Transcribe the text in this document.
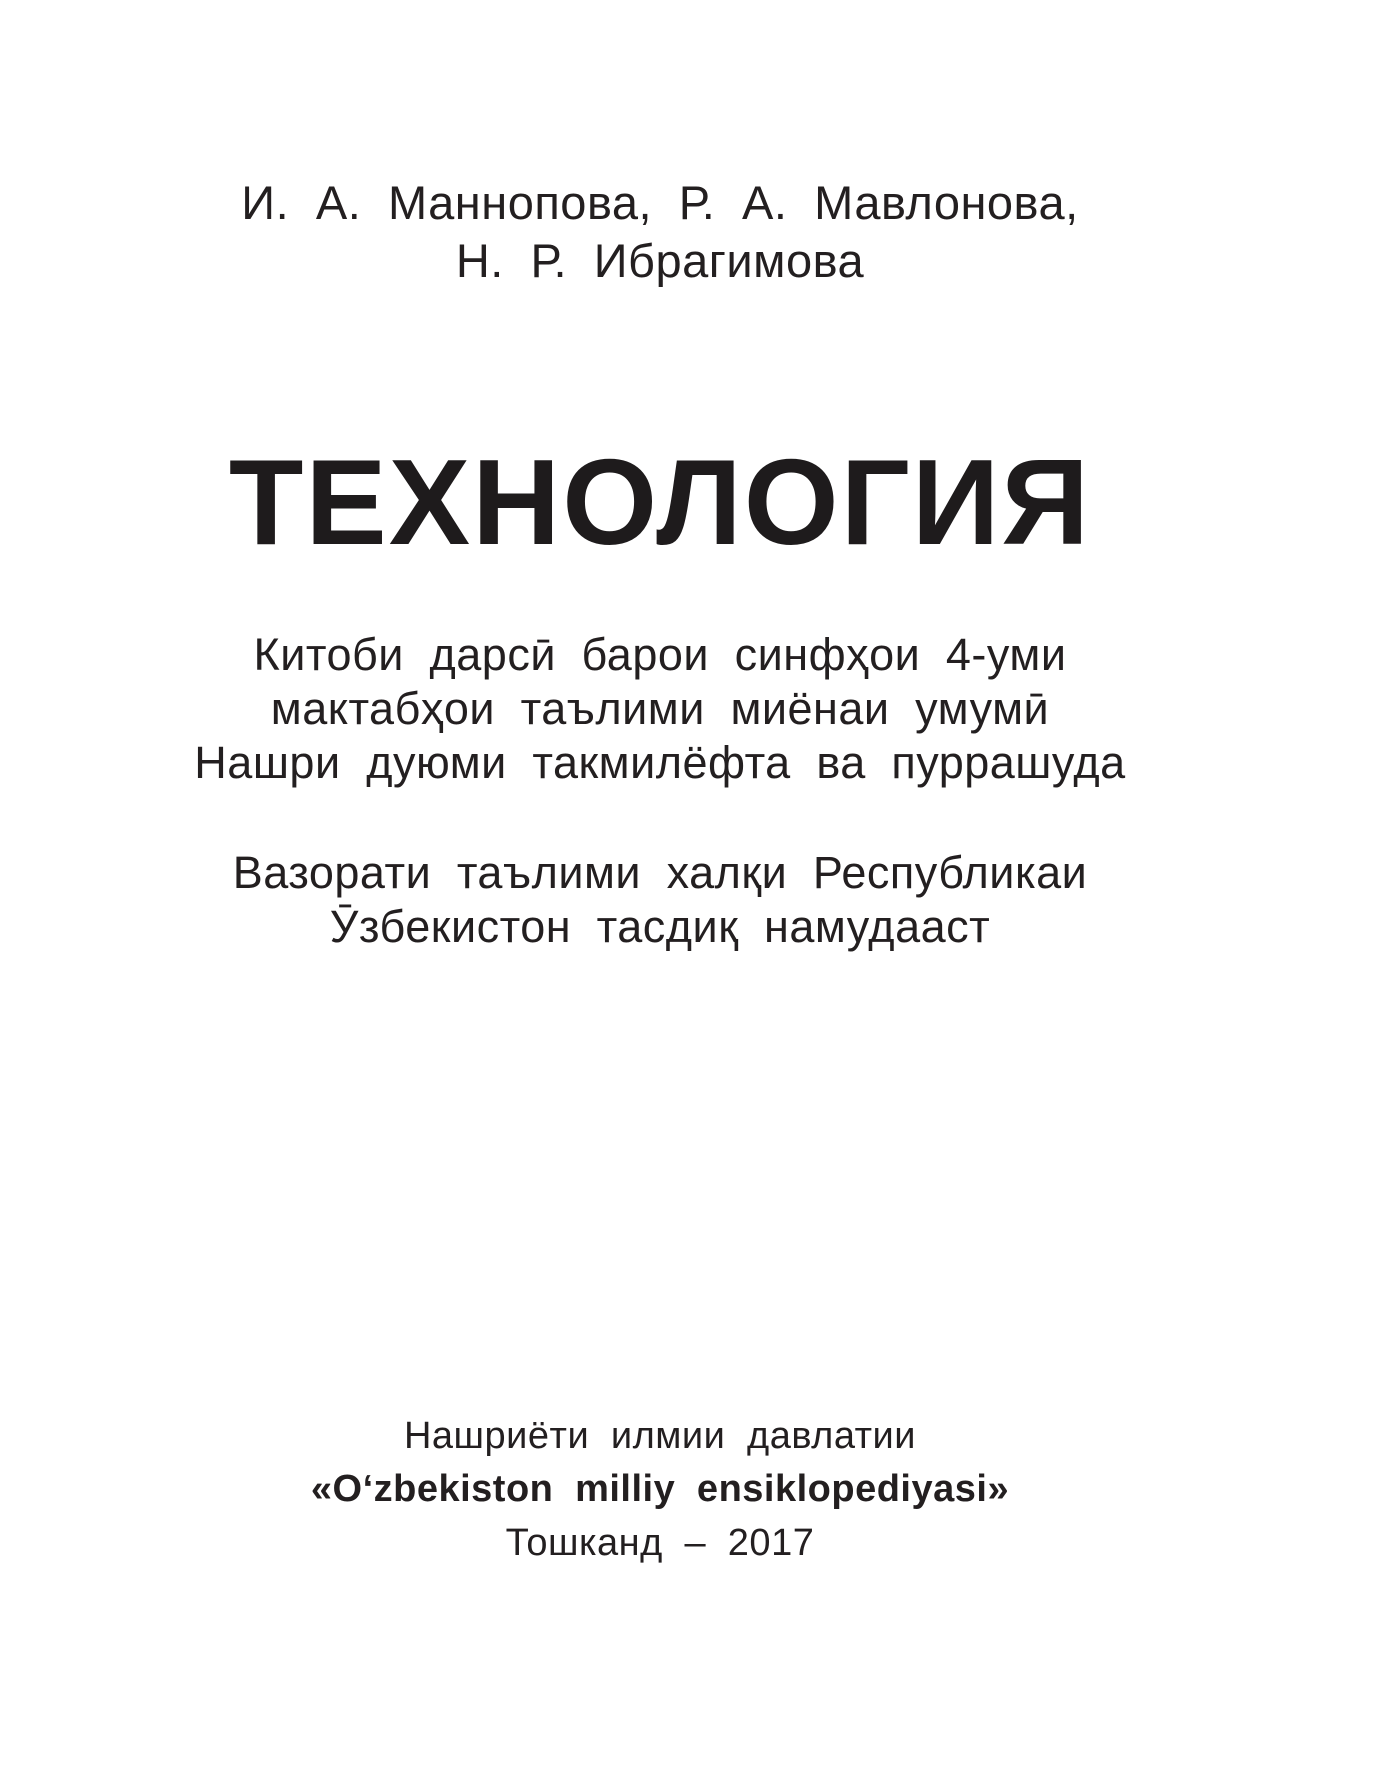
И. А. Маннопова, Р. А. Мавлонова,
Н. Р. Ибрагимова
ТЕХНОЛОГИЯ
Китоби дарсӣ барои синфҳои 4-уми
мактабҳои таълими миёнаи умумӣ
Нашри дуюми такмилёфта ва пуррашуда
Вазорати таълими халқи Республикаи
Ӯзбекистон тасдиқ намудааст
Нашриёти илмии давлатии
«O‘zbekiston milliy ensiklopediyasi»
Тошканд – 2017
